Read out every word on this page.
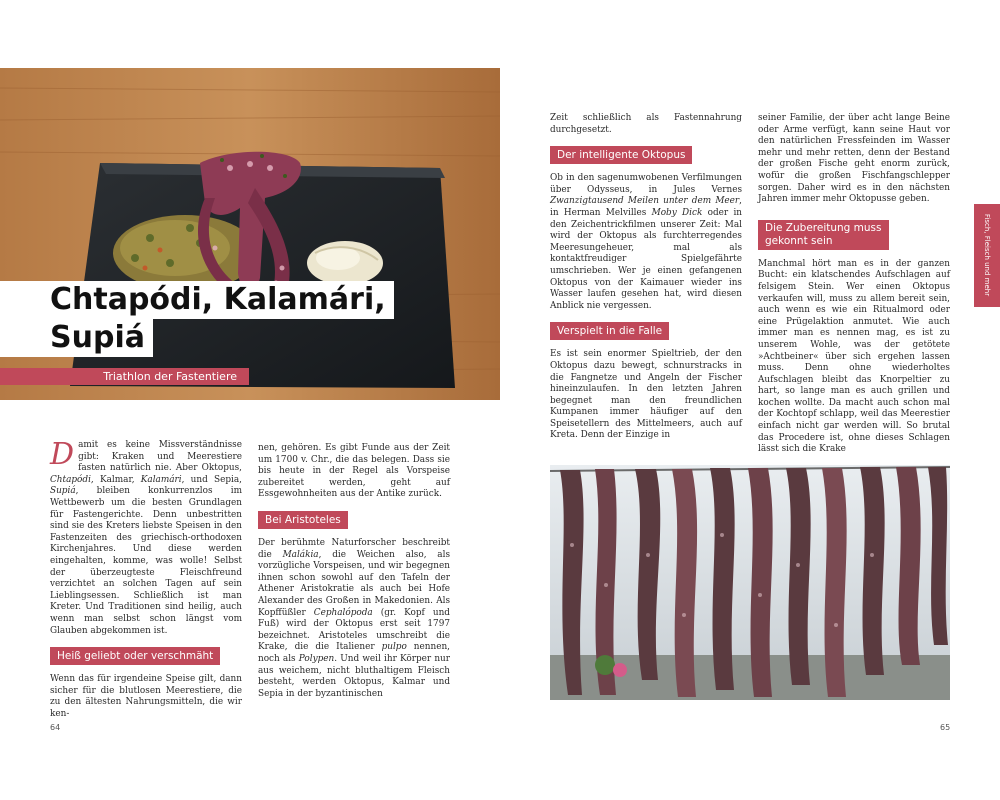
Chtapódi, Kalamári,
Supiá
Triathlon der Fastentiere
D amit es keine Missverständnisse gibt: Kraken und Meerestiere fasten natürlich nie. Aber Oktopus, Chtapódi, Kalmar, Kalamári, und Sepia, Supiá, bleiben konkurrenzlos im Wettbewerb um die besten Grundlagen für Fastengerichte. Denn unbestritten sind sie des Kreters liebste Speisen in den Fastenzeiten des griechisch-orthodoxen Kirchenjahres. Und diese werden eingehalten, komme, was wolle! Selbst der überzeugteste Fleischfreund verzichtet an solchen Tagen auf sein Lieblingsessen. Schließlich ist man Kreter. Und Traditionen sind heilig, auch wenn man selbst schon längst vom Glauben abgekommen ist.

Heiß geliebt oder verschmäht

Wenn das für irgendeine Speise gilt, dann sicher für die blutlosen Meerestiere, die zu den ältesten Nahrungsmitteln, die wir ken-

nen, gehören. Es gibt Funde aus der Zeit um 1700 v. Chr., die das belegen. Dass sie bis heute in der Regel als Vorspeise zubereitet werden, geht auf Essgewohnheiten aus der Antike zurück.

Bei Aristoteles

Der berühmte Naturforscher beschreibt die Malákia, die Weichen also, als vorzügliche Vorspeisen, und wir begegnen ihnen schon sowohl auf den Tafeln der Athener Aristokratie als auch bei Hofe Alexander des Großen in Makedonien. Als Kopffüßler Cephalópoda (gr. Kopf und Fuß) wird der Oktopus erst seit 1797 bezeichnet. Aristoteles umschreibt die Krake, die die Italiener pulpo nennen, noch als Polypen. Und weil ihr Körper nur aus weichem, nicht bluthaltigem Fleisch besteht, werden Oktopus, Kalmar und Sepia in der byzantinischen

64

Zeit schließlich als Fastennahrung durchgesetzt.

Der intelligente Oktopus

Ob in den sagenumwobenen Verfilmungen über Odysseus, in Jules Vernes Zwanzigtausend Meilen unter dem Meer, in Herman Melvilles Moby Dick oder in den Zeichentrickfilmen unserer Zeit: Mal wird der Oktopus als furchterregendes Meeresungeheuer, mal als kontaktfreudiger Spielgefährte umschrieben. Wer je einen gefangenen Oktopus von der Kaimauer wieder ins Wasser laufen gesehen hat, wird diesen Anblick nie vergessen.

Verspielt in die Falle

Es ist sein enormer Spieltrieb, der den Oktopus dazu bewegt, schnurstracks in die Fangnetze und Angeln der Fischer hineinzulaufen. In den letzten Jahren begegnet man den freundlichen Kumpanen immer häufiger auf den Speisetellern des Mittelmeers, auch auf Kreta. Denn der Einzige in

seiner Familie, der über acht lange Beine oder Arme verfügt, kann seine Haut vor den natürlichen Fressfeinden im Wasser mehr und mehr retten, denn der Bestand der großen Fische geht enorm zurück, wofür die großen Fischfangschlepper sorgen. Daher wird es in den nächsten Jahren immer mehr Oktopusse geben.

Die Zubereitung muss
gekonnt sein

Manchmal hört man es in der ganzen Bucht: ein klatschendes Aufschlagen auf felsigem Stein. Wer einen Oktopus verkaufen will, muss zu allem bereit sein, auch wenn es wie ein Ritualmord oder eine Prügelaktion anmutet. Wie auch immer man es nennen mag, es ist zu unserem Wohle, was der getötete »Achtbeiner« über sich ergehen lassen muss. Denn ohne wiederholtes Aufschlagen bleibt das Knorpeltier zu hart, so lange man es auch grillen und kochen wollte. Da macht auch schon mal der Kochtopf schlapp, weil das Meerestier einfach nicht gar werden will. So brutal das Procedere ist, ohne dieses Schlagen lässt sich die Krake

65
Fisch, Fleisch und mehr
